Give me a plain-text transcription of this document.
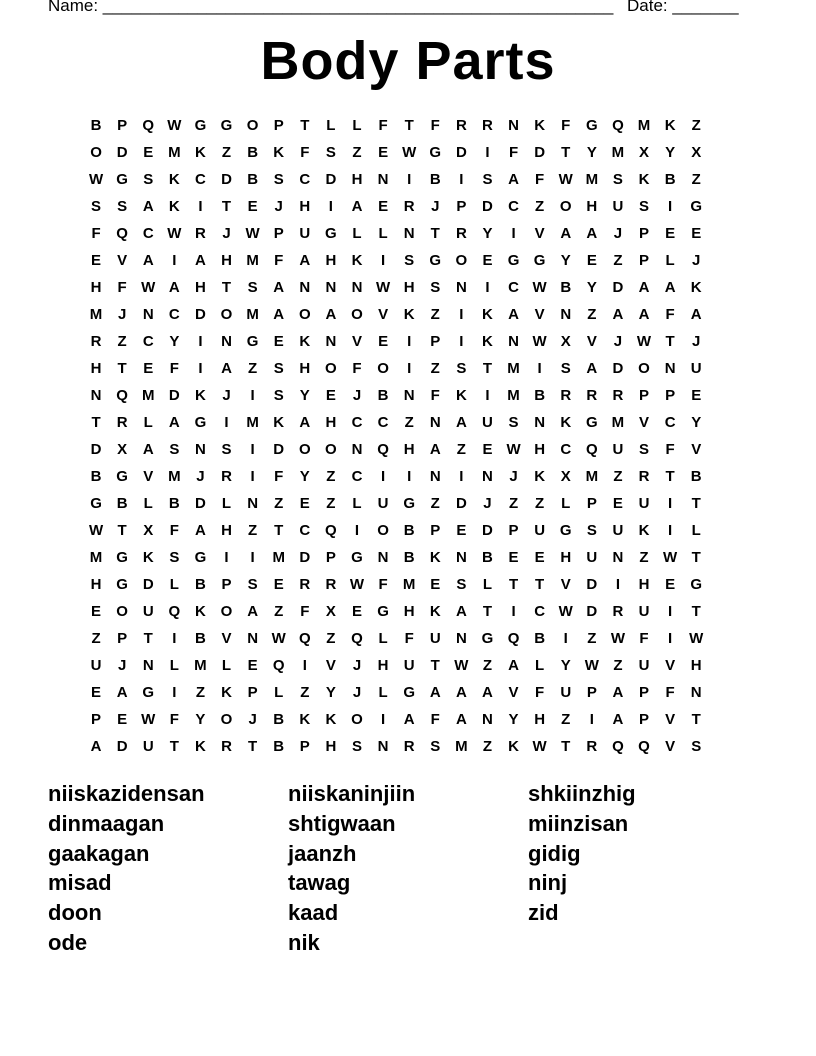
Name: ______________________________________________________ Date: _______
Body Parts
B	P	Q W G G O	P	T	L	L	F	T	F	R	R	N	K	F	G Q M K	Z
O D	E M K	Z	B	K	F	S	Z	E W G D	I	F	D	T	Y M X	Y	X
W G	S	K	C	D	B	S	C	D	H	N	I	B	I	S	A	F W M S	K	B	Z
S	S	A	K	I	T	E	J	H	I	A	E	R	J	P	D	C	Z	O H	U	S	I	G
F	Q C W R	J W P	U G	L	L	N	T	R	Y	I	V	A	A	J	P	E	E
E	V	A	I	A	H M	F	A	H	K	I	S	G O	E	G G	Y	E	Z	P	L	J
H	F W A	H	T	S	A	N	N	N W H	S	N	I	C W B	Y	D	A	A	K
M	J	N	C	D O M A O A O	V	K	Z	I	K	A	V	N	Z	A	A	F	A
R	Z	C	Y	I	N G	E	K	N	V	E	I	P	I	K	N W X	V	J W T	J
H	T	E	F	I	A	Z	S	H O	F	O	I	Z	S	T	M	I	S	A	D O N	U
N Q M D	K	J	I	S	Y	E	J	B	N	F	K	I	M B	R	R	R	P	P	E
T	R	L	A G	I	M K	A	H	C	C	Z	N	A	U	S	N	K G M V	C	Y
D	X	A	S	N	S	I	D O O N Q H	A	Z	E W H	C Q U	S	F	V
B G	V M	J	R	I	F	Y	Z	C	I	I	N	I	N	J	K	X M	Z	R	T	B
G B	L	B	D	L	N	Z	E	Z	L	U G	Z	D	J	Z	Z	L	P	E	U	I	T
W T	X	F	A	H	Z	T	C Q	I	O B	P	E	D	P	U G	S	U	K	I	L
M G K	S	G	I	I	M D	P	G N	B	K	N	B	E	E	H	U	N	Z W T
H G D	L	B	P	S	E	R	R W F	M E	S	L	T	T	V	D	I	H	E	G
E	O U Q K O A	Z	F	X	E	G H	K	A	T	I	C W D	R	U	I	T
Z	P	T	I	B	V	N W Q	Z	Q	L	F	U	N G Q B	I	Z W F	I	W
U	J	N	L	M	L	E	Q	I	V	J	H	U	T W Z	A	L	Y W Z	U	V	H
E	A G	I	Z	K	P	L	Z	Y	J	L	G A	A	A	V	F	U	P	A	P	F	N
P	E W F	Y	O	J	B	K	K O	I	A	F	A	N	Y	H	Z	I	A	P	V	T
A	D	U	T	K	R	T	B	P	H	S	N	R	S M	Z	K W T	R Q Q	V	S
niiskazidensan
dinmaagan
gaakagan
misad
doon
ode
niiskaninjiin
shtigwaan
jaanzh
tawag
kaad
nik
shkiinzhig
miinzisan
gidig
ninj
zid
